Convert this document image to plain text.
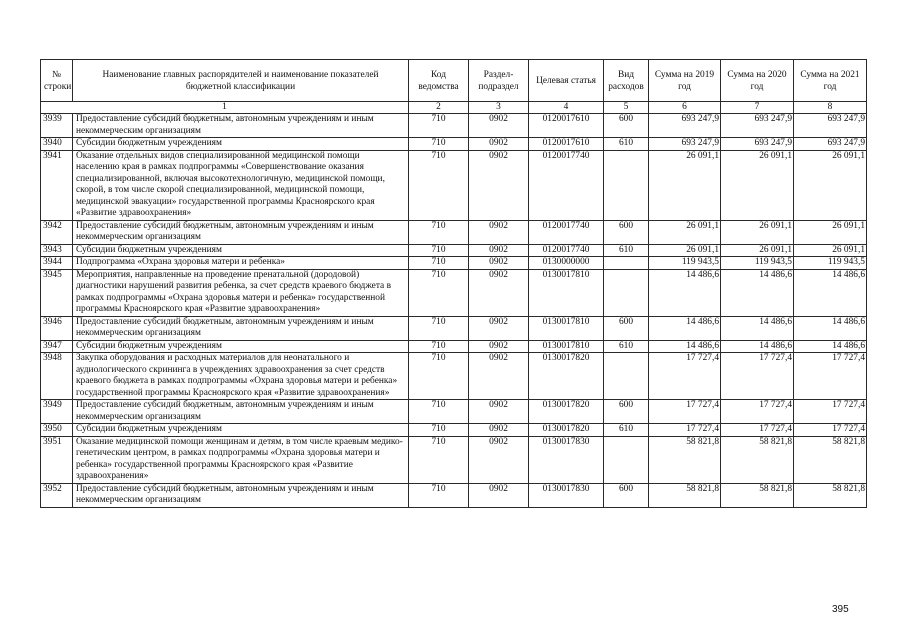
№ строки	Наименование главных распорядителей и наименование показателей бюджетной классификации	Код ведомства	Раздел-подраздел	Целевая статья	Вид расходов	Сумма на 2019 год	Сумма на 2020 год	Сумма на 2021 год
1		2	3	4	5	6	7	8
3939	Предоставление субсидий бюджетным, автономным учреждениям и иным некоммерческим организациям	710	0902	0120017610	600	693 247,9	693 247,9	693 247,9
3940	Субсидии бюджетным учреждениям	710	0902	0120017610	610	693 247,9	693 247,9	693 247,9
3941	Оказание отдельных видов специализированной медицинской помощи населению края в рамках подпрограммы «Совершенствование оказания специализированной, включая высокотехнологичную, медицинской помощи, скорой, в том числе скорой специализированной, медицинской помощи, медицинской эвакуации» государственной программы Красноярского края «Развитие здравоохранения»	710	0902	0120017740		26 091,1	26 091,1	26 091,1
3942	Предоставление субсидий бюджетным, автономным учреждениям и иным некоммерческим организациям	710	0902	0120017740	600	26 091,1	26 091,1	26 091,1
3943	Субсидии бюджетным учреждениям	710	0902	0120017740	610	26 091,1	26 091,1	26 091,1
3944	Подпрограмма «Охрана здоровья матери и ребенка»	710	0902	0130000000		119 943,5	119 943,5	119 943,5
3945	Мероприятия, направленные на проведение пренатальной (дородовой) диагностики нарушений развития ребенка, за счет средств краевого бюджета в рамках подпрограммы «Охрана здоровья матери и ребенка» государственной программы Красноярского края «Развитие здравоохранения»	710	0902	0130017810		14 486,6	14 486,6	14 486,6
3946	Предоставление субсидий бюджетным, автономным учреждениям и иным некоммерческим организациям	710	0902	0130017810	600	14 486,6	14 486,6	14 486,6
3947	Субсидии бюджетным учреждениям	710	0902	0130017810	610	14 486,6	14 486,6	14 486,6
3948	Закупка оборудования и расходных материалов для неонатального и аудиологического скрининга в учреждениях здравоохранения за счет средств краевого бюджета в рамках подпрограммы «Охрана здоровья матери и ребенка» государственной программы Красноярского края «Развитие здравоохранения»	710	0902	0130017820		17 727,4	17 727,4	17 727,4
3949	Предоставление субсидий бюджетным, автономным учреждениям и иным некоммерческим организациям	710	0902	0130017820	600	17 727,4	17 727,4	17 727,4
3950	Субсидии бюджетным учреждениям	710	0902	0130017820	610	17 727,4	17 727,4	17 727,4
3951	Оказание медицинской помощи женщинам и детям, в том числе краевым медико-генетическим центром, в рамках подпрограммы «Охрана здоровья матери и ребенка» государственной программы Красноярского края «Развитие здравоохранения»	710	0902	0130017830		58 821,8	58 821,8	58 821,8
3952	Предоставление субсидий бюджетным, автономным учреждениям и иным некоммерческим организациям	710	0902	0130017830	600	58 821,8	58 821,8	58 821,8
395
